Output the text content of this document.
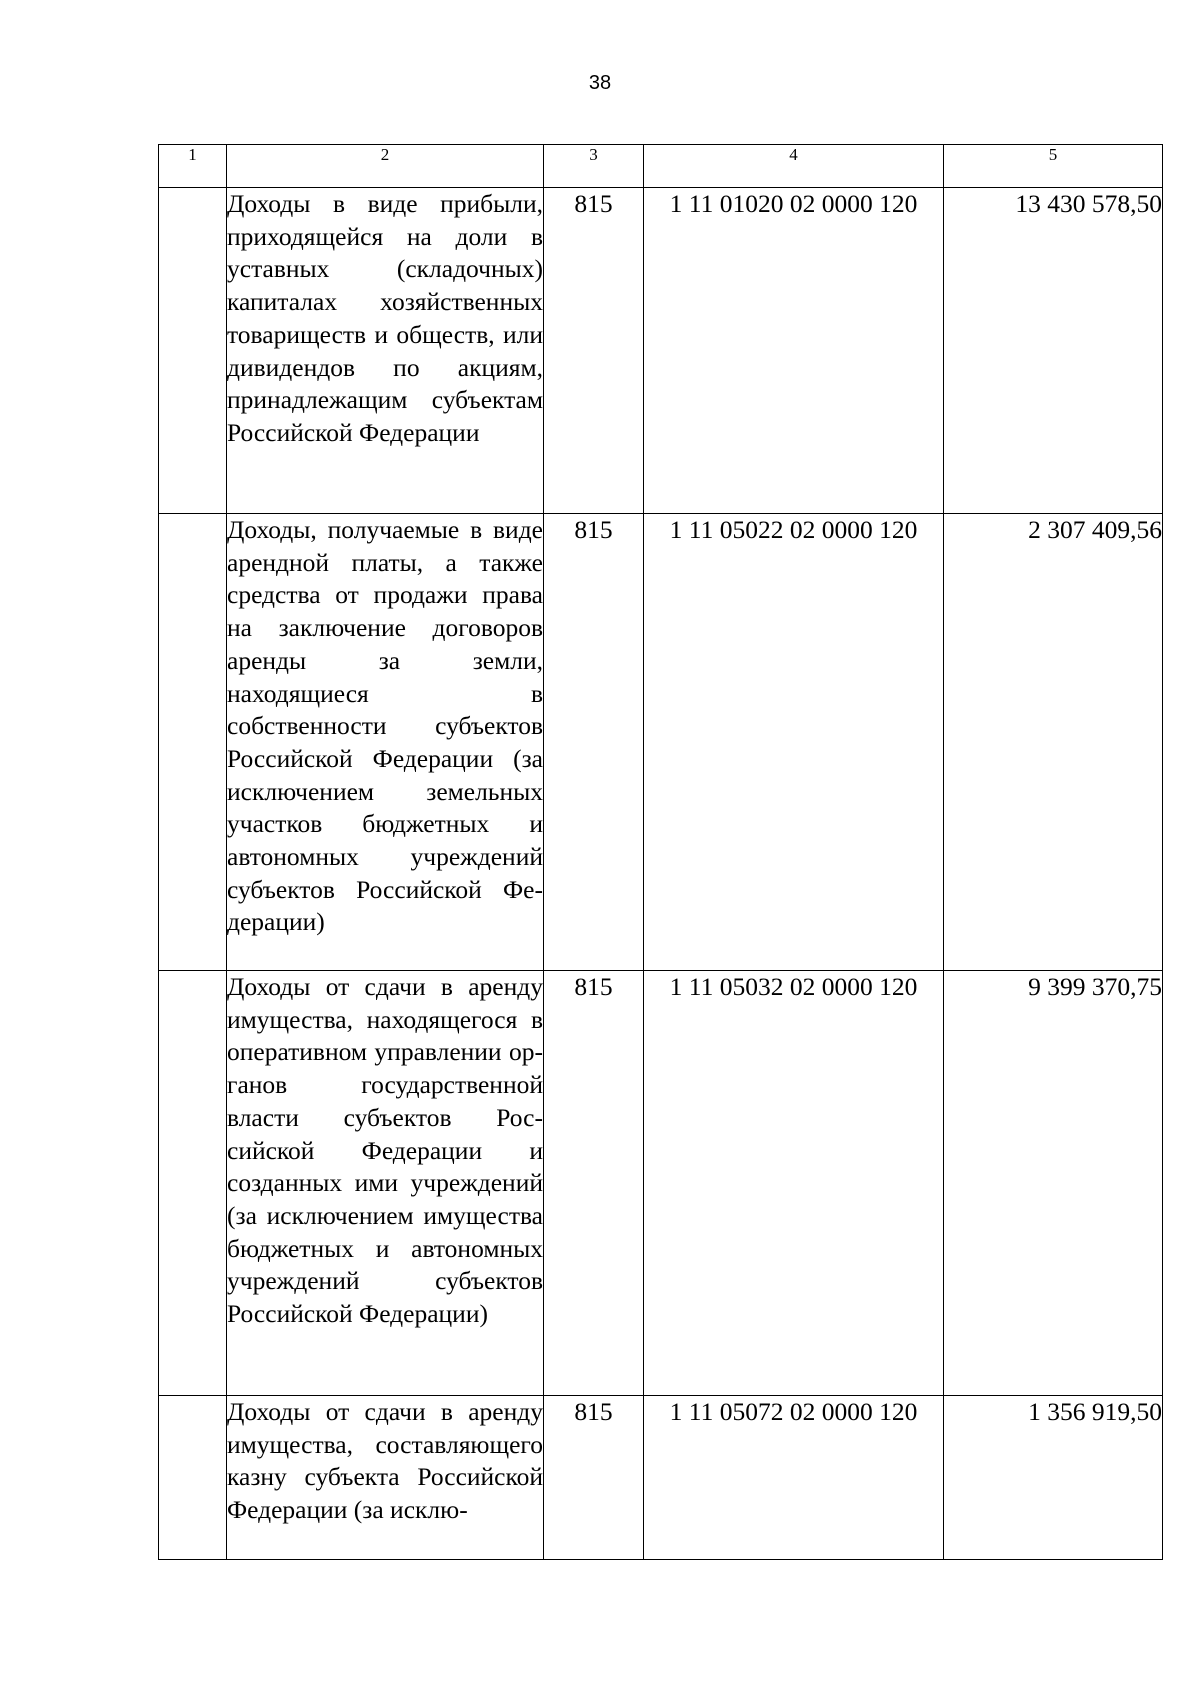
38
1	2	3	4	5
	Доходы в виде прибыли, приходящейся на доли в уставных (складочных) капиталах хозяйственных товариществ и обществ, или дивидендов по акциям, принадлежащим субъектам Российской Федерации	815	1 11 01020 02 0000 120	13 430 578,50
	Доходы, получаемые в виде арендной платы, а также средства от продажи права на заключение договоров аренды за земли, находящиеся в собственности субъектов Российской Федерации (за исключением земельных участков бюджетных и автономных учреждений субъектов Российской Федерации)	815	1 11 05022 02 0000 120	2 307 409,56
	Доходы от сдачи в аренду имущества, находящегося в оперативном управлении органов государственной власти субъектов Российской Федерации и созданных ими учреждений (за исключением имущества бюджетных и автономных учреждений субъектов Российской Федерации)	815	1 11 05032 02 0000 120	9 399 370,75
	Доходы от сдачи в аренду имущества, составляющего казну субъекта Российской Федерации (за исклю-	815	1 11 05072 02 0000 120	1 356 919,50
